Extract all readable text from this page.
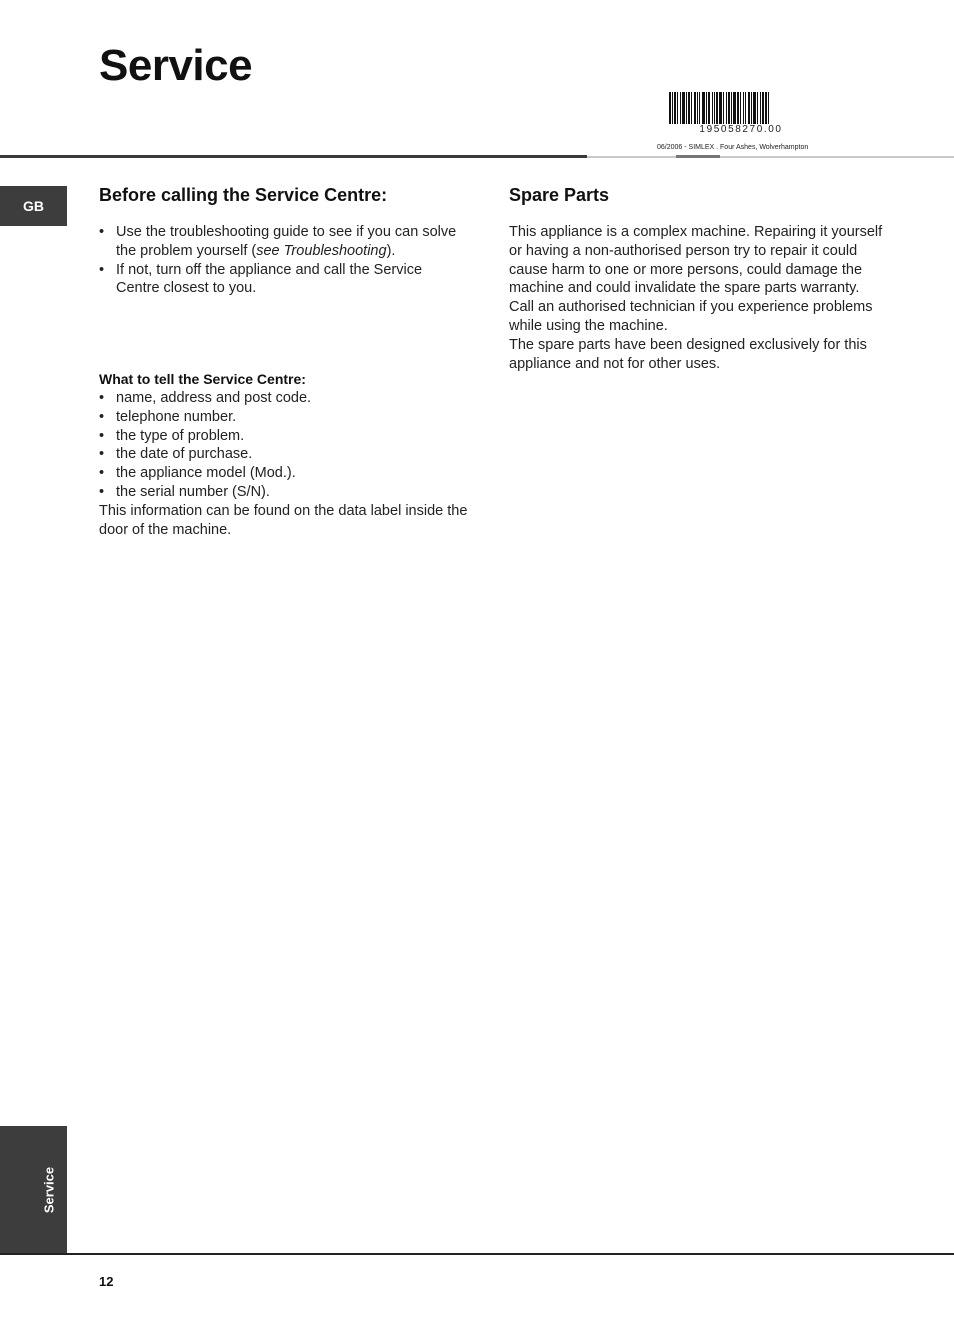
Service
195058270.00
06/2006 - SIMLEX . Four Ashes, Wolverhampton
GB
Before calling the Service Centre:
• Use the troubleshooting guide to see if you can solve the problem yourself (see Troubleshooting).
• If not, turn off the appliance and call the Service Centre closest to you.
What to tell the Service Centre:
• name, address and post code.
• telephone number.
• the type of problem.
• the date of purchase.
• the appliance model (Mod.).
• the serial number (S/N).

This information can be found on the data label inside the door of the machine.

Spare Parts

This appliance is a complex machine. Repairing it yourself or having a non-authorised person try to repair it could cause harm to one or more persons, could damage the machine and could invalidate the spare parts warranty.

Call an authorised technician if you experience problems while using the machine.

The spare parts have been designed exclusively for this appliance and not for other uses.

Service
12
